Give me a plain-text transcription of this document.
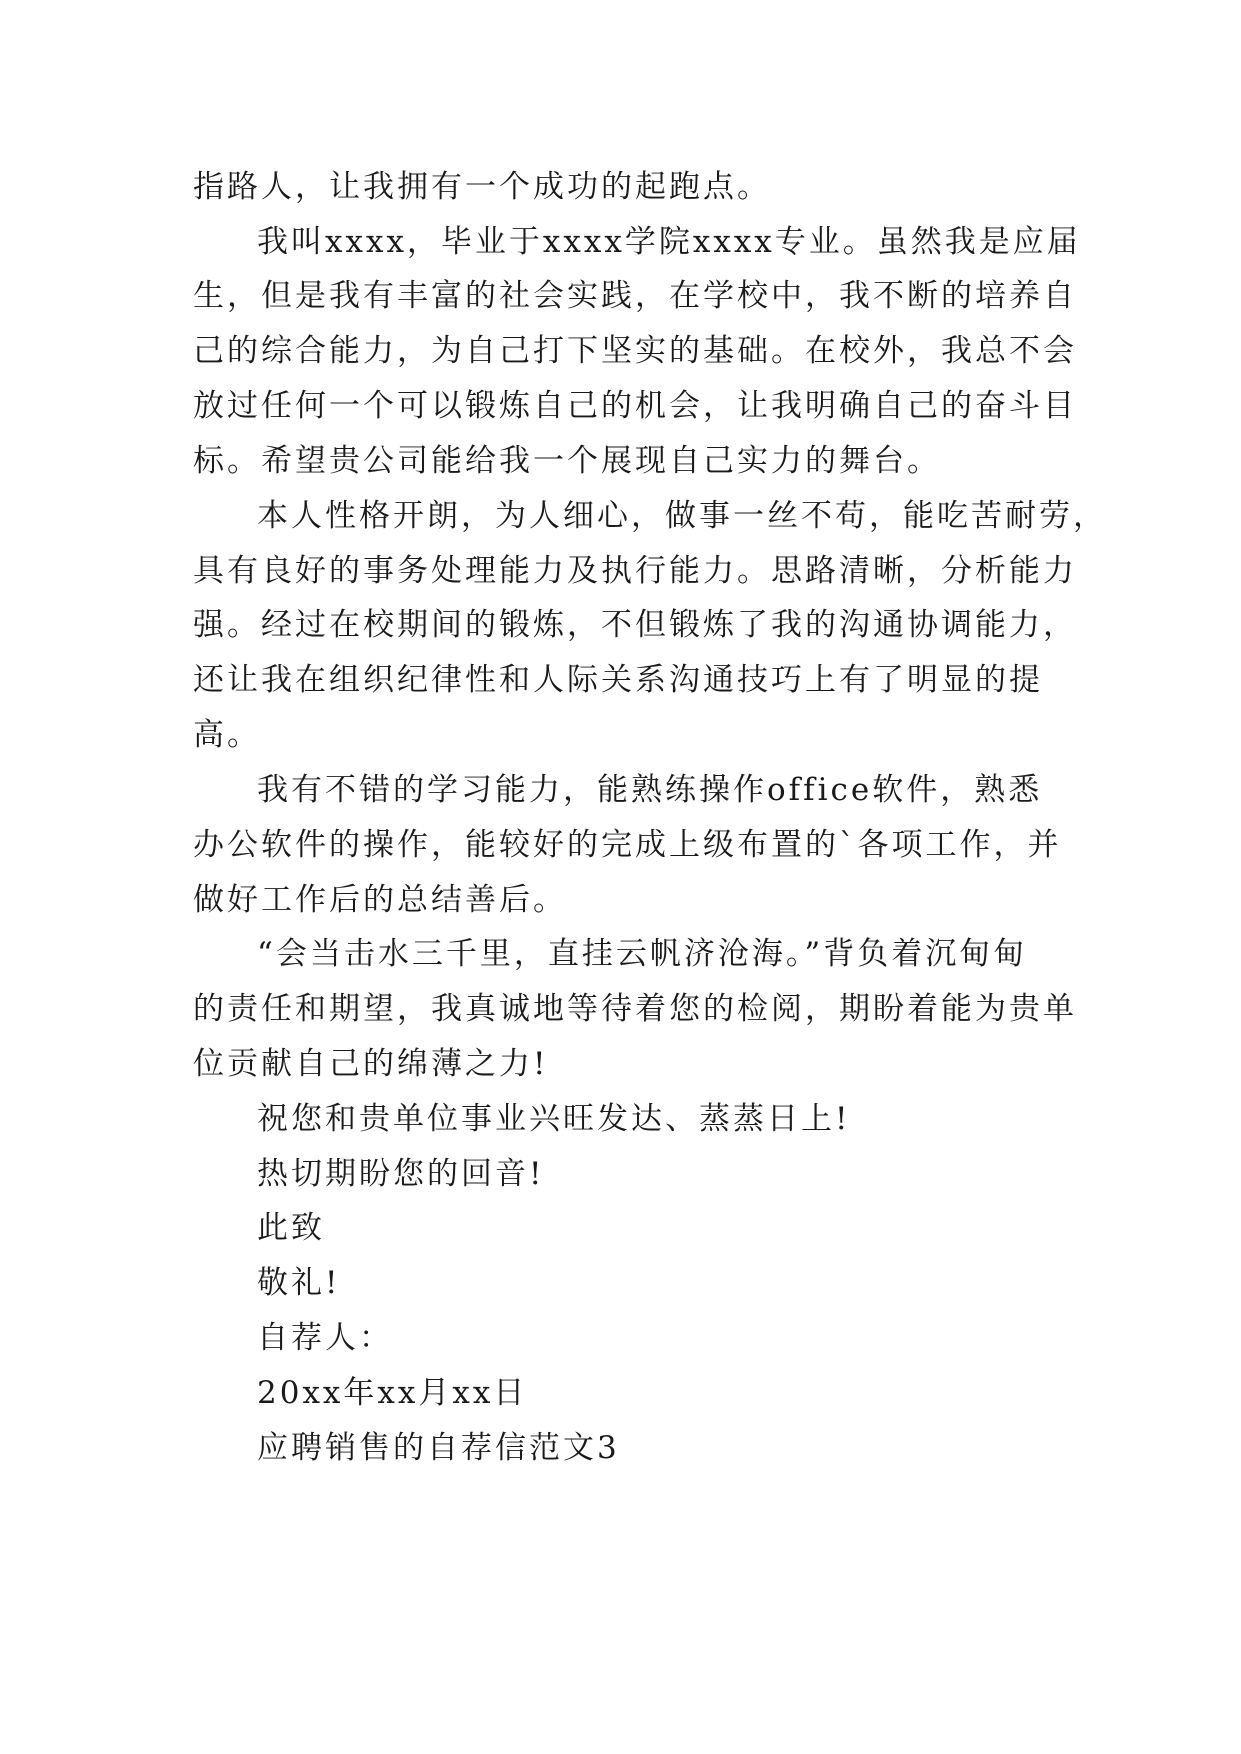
指路人，让我拥有一个成功的起跑点。
我叫xxxx，毕业于xxxx学院xxxx专业。虽然我是应届
生，但是我有丰富的社会实践，在学校中，我不断的培养自
己的综合能力，为自己打下坚实的基础。在校外，我总不会
放过任何一个可以锻炼自己的机会，让我明确自己的奋斗目
标。希望贵公司能给我一个展现自己实力的舞台。
本人性格开朗，为人细心，做事一丝不苟，能吃苦耐劳，
具有良好的事务处理能力及执行能力。思路清晰，分析能力
强。经过在校期间的锻炼，不但锻炼了我的沟通协调能力，
还让我在组织纪律性和人际关系沟通技巧上有了明显的提
高。
我有不错的学习能力，能熟练操作office软件，熟悉
办公软件的操作，能较好的完成上级布置的`各项工作，并
做好工作后的总结善后。
“会当击水三千里，直挂云帆济沧海。”背负着沉甸甸
的责任和期望，我真诚地等待着您的检阅，期盼着能为贵单
位贡献自己的绵薄之力!
祝您和贵单位事业兴旺发达、蒸蒸日上!
热切期盼您的回音!
此致
敬礼!
自荐人：
20xx年xx月xx日
应聘销售的自荐信范文3
